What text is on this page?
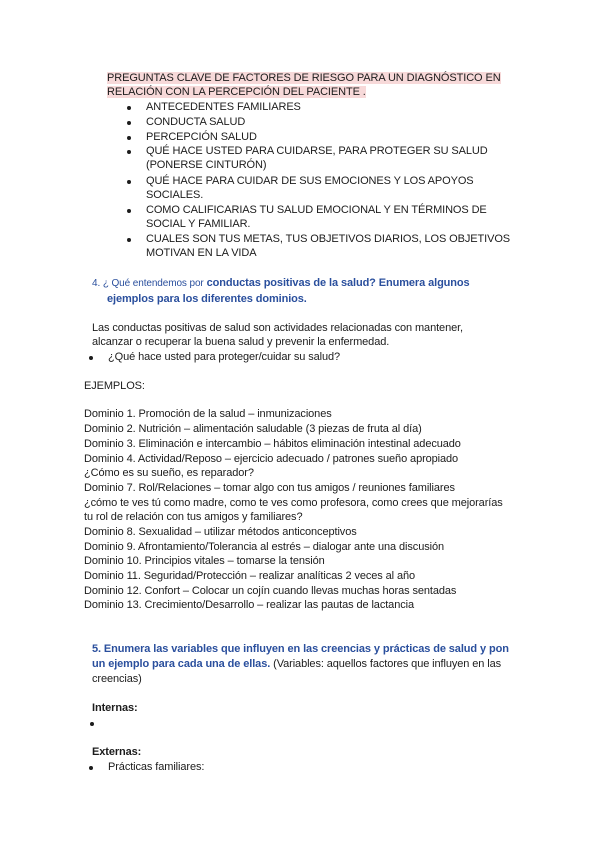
PREGUNTAS CLAVE DE FACTORES DE RIESGO PARA UN DIAGNÓSTICO EN
RELACIÓN CON LA PERCEPCIÓN DEL PACIENTE .
ANTECEDENTES FAMILIARES
CONDUCTA SALUD
PERCEPCIÓN SALUD
QUÉ HACE USTED PARA CUIDARSE, PARA PROTEGER SU SALUD
(PONERSE CINTURÓN)
QUÉ HACE PARA CUIDAR DE SUS EMOCIONES Y LOS APOYOS
SOCIALES.
COMO CALIFICARIAS TU SALUD EMOCIONAL Y EN TÉRMINOS DE
SOCIAL Y FAMILIAR.
CUALES SON TUS METAS, TUS OBJETIVOS DIARIOS, LOS OBJETIVOS
MOTIVAN EN LA VIDA
4. ¿ Qué entendemos por conductas positivas de la salud? Enumera algunos
ejemplos para los diferentes dominios.
Las conductas positivas de salud son actividades relacionadas con mantener,
alcanzar o recuperar la buena salud y prevenir la enfermedad.
¿Qué hace usted para proteger/cuidar su salud?
EJEMPLOS:
Dominio 1. Promoción de la salud – inmunizaciones
Dominio 2. Nutrición – alimentación saludable (3 piezas de fruta al día)
Dominio 3. Eliminación e intercambio – hábitos eliminación intestinal adecuado
Dominio 4. Actividad/Reposo – ejercicio adecuado / patrones sueño apropiado
¿Cómo es su sueño, es reparador?
Dominio 7. Rol/Relaciones – tomar algo con tus amigos / reuniones familiares
¿cómo te ves tú como madre, como te ves como profesora, como crees que mejorarías
tu rol de relación con tus amigos y familiares?
Dominio 8. Sexualidad – utilizar métodos anticonceptivos
Dominio 9. Afrontamiento/Tolerancia al estrés – dialogar ante una discusión
Dominio 10. Principios vitales – tomarse la tensión
Dominio 11. Seguridad/Protección – realizar analíticas 2 veces al año
Dominio 12. Confort – Colocar un cojín cuando llevas muchas horas sentadas
Dominio 13. Crecimiento/Desarrollo – realizar las pautas de lactancia
5. Enumera las variables que influyen en las creencias y prácticas de salud y pon
un ejemplo para cada una de ellas. (Variables: aquellos factores que influyen en las
creencias)
Internas:
Externas:
Prácticas familiares:
